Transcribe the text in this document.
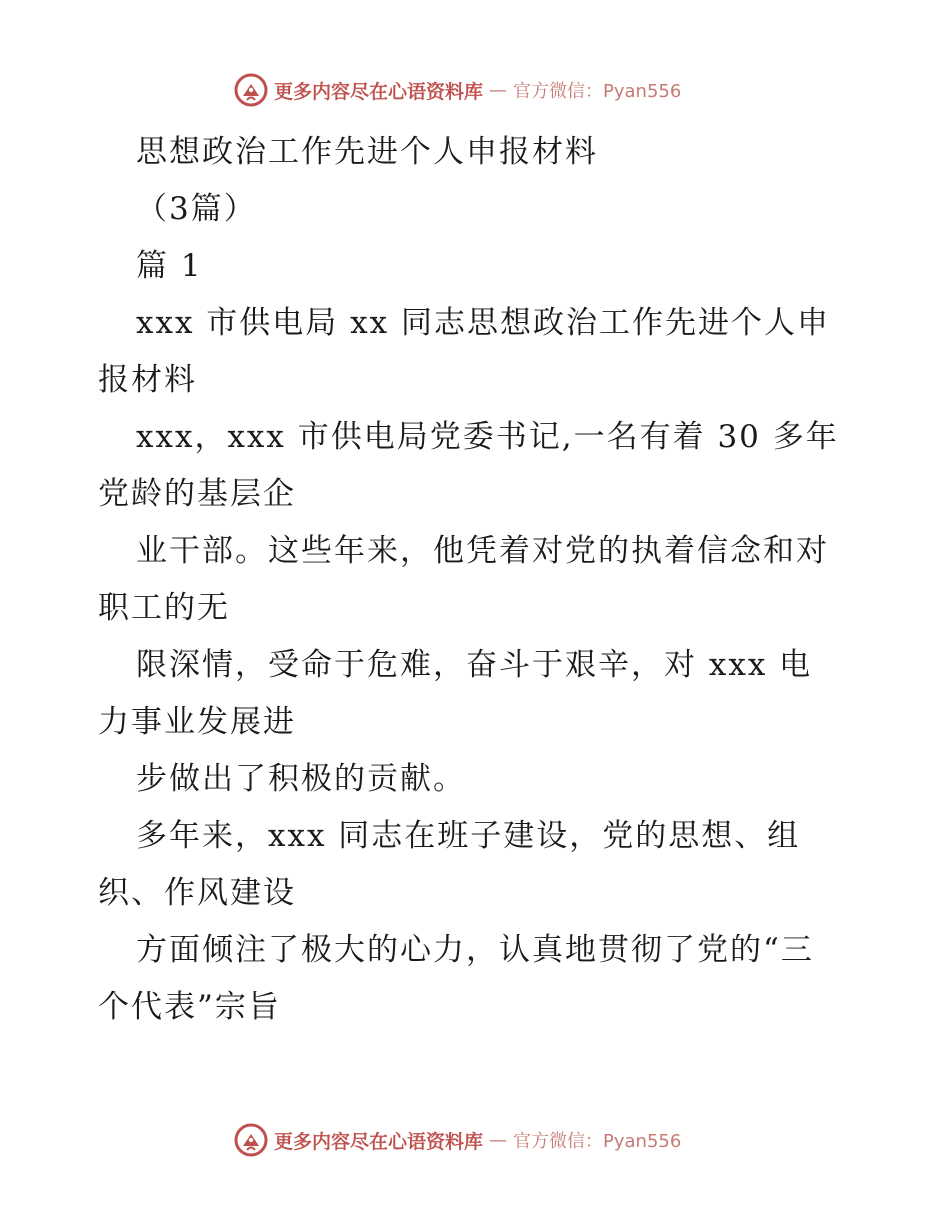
更多内容尽在心语资料库 — 官方微信：Pyan556

思想政治工作先进个人申报材料

（3篇）

篇 1

xxx 市供电局 xx 同志思想政治工作先进个人申

报材料

xxx，xxx 市供电局党委书记,一名有着 30 多年

党龄的基层企

业干部。这些年来，他凭着对党的执着信念和对

职工的无

限深情，受命于危难，奋斗于艰辛，对 xxx 电

力事业发展进

步做出了积极的贡献。

多年来，xxx 同志在班子建设，党的思想、组

织、作风建设

方面倾注了极大的心力，认真地贯彻了党的“三

个代表”宗旨

更多内容尽在心语资料库 — 官方微信：Pyan556
